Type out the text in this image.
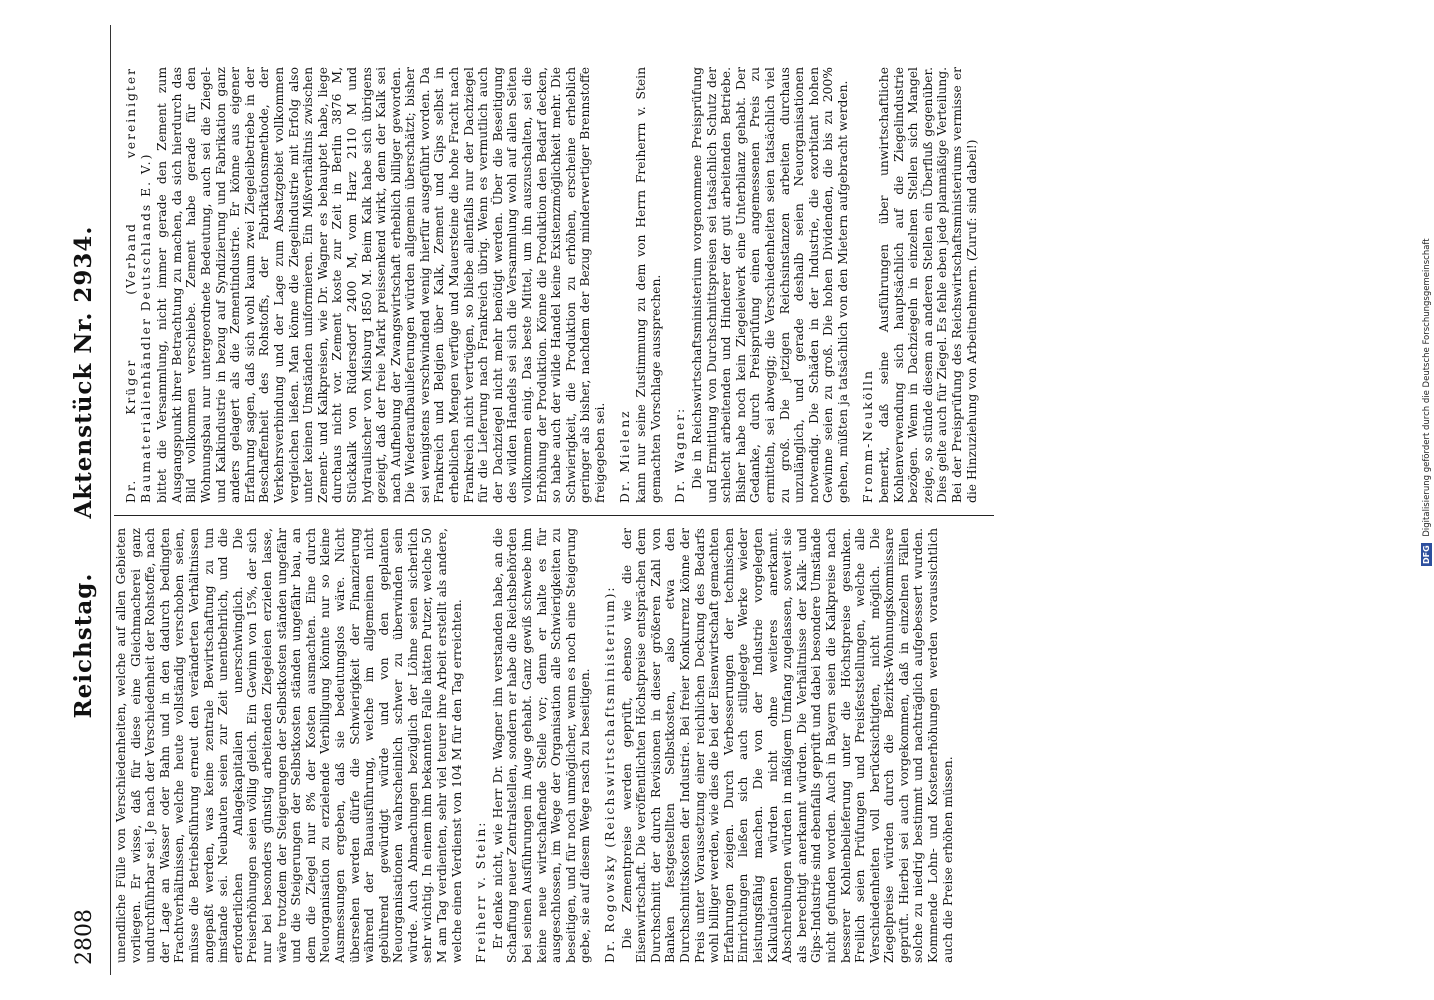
DFG Digitalisierung gefördert durch die Deutsche Forschungsgemeinschaft
2808
Reichstag.      Aktenstück Nr. 2934.

unendliche Fülle von Verschiedenheiten, welche auf allen Gebieten vorliegen. Er wisse, daß für diese eine Gleichmacherei ganz undurchführbar sei. Je nach der Verschiedenheit der Rohstoffe, nach der Lage an Wasser oder Bahn und in den dadurch bedingten Frachtverhältnissen, welche heute vollständig verschoben seien, müsse die Betriebsführung erneut den veränderten Verhältnissen angepaßt werden, was keine zentrale Bewirtschaftung zu tun imstande sei. Neubauten seien zur Zeit unentbehrlich, und die erforderlichen Anlagekapitalien unerschwinglich. Die Preiserhöhungen seien völlig gleich. Ein Gewinn von 15%, der sich nur bei besonders günstig arbeitenden Ziegeleien erzielen lasse, wäre trotzdem der Steigerungen der Selbstkosten ständen ungefähr und die Steigerungen der Selbstkosten ständen ungefähr bau, an dem die Ziegel nur 8% der Kosten ausmachten. Eine durch Neuorganisation zu erzielende Verbilligung könnte nur so kleine Ausmessungen ergeben, daß sie bedeutungslos wäre. Nicht übersehen werden dürfe die Schwierigkeit der Finanzierung während der Bauausführung, welche im allgemeinen nicht gebührend gewürdigt würde und von den geplanten Neuorganisationen wahrscheinlich schwer zu überwinden sein würde. Auch Abmachungen bezüglich der Löhne seien sicherlich sehr wichtig. In einem ihm bekannten Falle hätten Putzer, welche 50 M am Tag verdienten, sehr viel teurer ihre Arbeit erstellt als andere, welche einen Verdienst von 104 M für den Tag erreichten. Freiherr v. Stein: Er denke nicht, wie Herr Dr. Wagner ihn verstanden habe, an die Schaffung neuer Zentralstellen, sondern er habe die Reichsbehörden bei seinen Ausführungen im Auge gehabt. Ganz gewiß schwebe ihm keine neue wirtschaftende Stelle vor; denn er halte es für ausgeschlossen, im Wege der Organisation alle Schwierigkeiten zu beseitigen, und für noch unmöglicher, wenn es noch eine Steigerung gebe, sie auf diesem Wege rasch zu beseitigen. Dr. Rogowsky (Reichswirtschaftsministerium): Die Zementpreise werden geprüft, ebenso wie die der Eisenwirtschaft. Die veröffentlichten Höchstpreise entsprächen dem Durchschnitt der durch Revisionen in dieser größeren Zahl von Banken festgestellten Selbstkosten, also etwa den Durchschnittskosten der Industrie. Bei freier Konkurrenz könne der Preis unter Voraussetzung einer reichlichen Deckung des Bedarfs wohl billiger werden, wie dies die bei der Eisenwirtschaft gemachten Erfahrungen zeigen. Durch Verbesserungen der technischen Einrichtungen ließen sich auch stillgelegte Werke wieder leistungsfähig machen. Die von der Industrie vorgelegten Kalkulationen würden nicht ohne weiteres anerkannt. Abschreibungen würden in mäßigem Umfang zugelassen, soweit sie als berechtigt anerkannt würden. Die Verhältnisse der Kalk- und Gips-Industrie sind ebenfalls geprüft und dabei besondere Umstände nicht gefunden worden. Auch in Bayern seien die Kalkpreise nach besserer Kohlenbelieferung unter die Höchstpreise gesunken. Freilich seien Prüfungen und Preisfeststellungen, welche alle Verschiedenheiten voll berücksichtigten, nicht möglich. Die Ziegelpreise würden durch die Bezirks-Wohnungskommissare geprüft. Hierbei sei auch vorgekommen, daß in einzelnen Fällen solche zu niedrig bestimmt und nachträglich aufgebessert wurden. Kommende Lohn- und Kostenerhöhungen werden voraussichtlich auch die Preise erhöhen müssen.

Dr. Krüger (Verband vereinigter Baumaterialienhändler Deutschlands E. V.) bittet die Versammlung, nicht immer gerade den Zement zum Ausgangspunkt ihrer Betrachtung zu machen, da sich hierdurch das Bild vollkommen verschiebe. Zement habe gerade für den Wohnungsbau nur untergeordnete Bedeutung, auch sei die Ziegel- und Kalkindustrie in bezug auf Syndizierung und Fabrikation ganz anders gelagert als die Zementindustrie. Er könne aus eigener Erfahrung sagen, daß sich wohl kaum zwei Ziegeleibetriebe in der Beschaffenheit des Rohstoffs, der Fabrikationsmethode, der Verkehrsverbindung und der Lage zum Absatzgebiet vollkommen vergleichen ließen. Man könne die Ziegelindustrie mit Erfolg also unter keinen Umständen uniformieren. Ein Mißverhältnis zwischen Zement- und Kalkpreisen, wie Dr. Wagner es behauptet habe, liege durchaus nicht vor. Zement koste zur Zeit in Berlin 3876 M, Stückkalk von Rüdersdorf 2400 M, vom Harz 2110 M und hydraulischer von Misburg 1850 M. Beim Kalk habe sich übrigens gezeigt, daß der freie Markt preissenkend wirkt, denn der Kalk sei nach Aufhebung der Zwangswirtschaft erheblich billiger geworden. Die Wiederaufbaulieferungen würden allgemein überschätzt; bisher sei wenigstens verschwindend wenig hierfür ausgeführt worden. Da Frankreich und Belgien über Kalk, Zement und Gips selbst in erheblichen Mengen verfüge und Mauersteine die hohe Fracht nach Frankreich nicht vertrügen, so bliebe allenfalls nur der Dachziegel für die Lieferung nach Frankreich übrig. Wenn es vermutlich auch der Dachziegel nicht mehr benötigt werden. Über die Beseitigung des wilden Handels sei sich die Versammlung wohl auf allen Seiten vollkommen einig. Das beste Mittel, um ihn auszuschalten, sei die Erhöhung der Produktion. Könne die Produktion den Bedarf decken, so habe auch der wilde Handel keine Existenzmöglichkeit mehr. Die Schwierigkeit, die Produktion zu erhöhen, erscheine erheblich geringer als bisher, nachdem der Bezug minderwertiger Brennstoffe freigegeben sei. Dr. Mielenz kann nur seine Zustimmung zu dem von Herrn Freiherrn v. Stein gemachten Vorschlage aussprechen. Dr. Wagner: Die in Reichswirtschaftsministerium vorgenommene Preisprüfung und Ermittlung von Durchschnittspreisen sei tatsächlich Schutz der schlecht arbeitenden und Hinderer der gut arbeitenden Betriebe. Bisher habe noch kein Ziegeleiwerk eine Unterbilanz gehabt. Der Gedanke, durch Preisprüfung einen angemessenen Preis zu ermitteln, sei abwegig; die Verschiedenheiten seien tatsächlich viel zu groß. Die jetzigen Reichsinstanzen arbeiten durchaus unzulänglich, und gerade deshalb seien Neuorganisationen notwendig. Die Schäden in der Industrie, die exorbitant hohen Gewinne seien zu groß. Die hohen Dividenden, die bis zu 200% gehen, müßten ja tatsächlich von den Mietern aufgebracht werden. Fromm-Neukölln bemerkt, daß seine Ausführungen über unwirtschaftliche Kohlenverwendung sich hauptsächlich auf die Ziegelindustrie bezögen. Wenn in Dachziegeln in einzelnen Stellen sich Mangel zeige, so stünde diesem an anderen Stellen ein Überfluß gegenüber. Dies gelte auch für Ziegel. Es fehle eben jede planmäßige Verteilung. Bei der Preisprüfung des Reichswirtschaftsministeriums vermisse er die Hinzuziehung von Arbeitnehmern. (Zuruf: sind dabei!)
